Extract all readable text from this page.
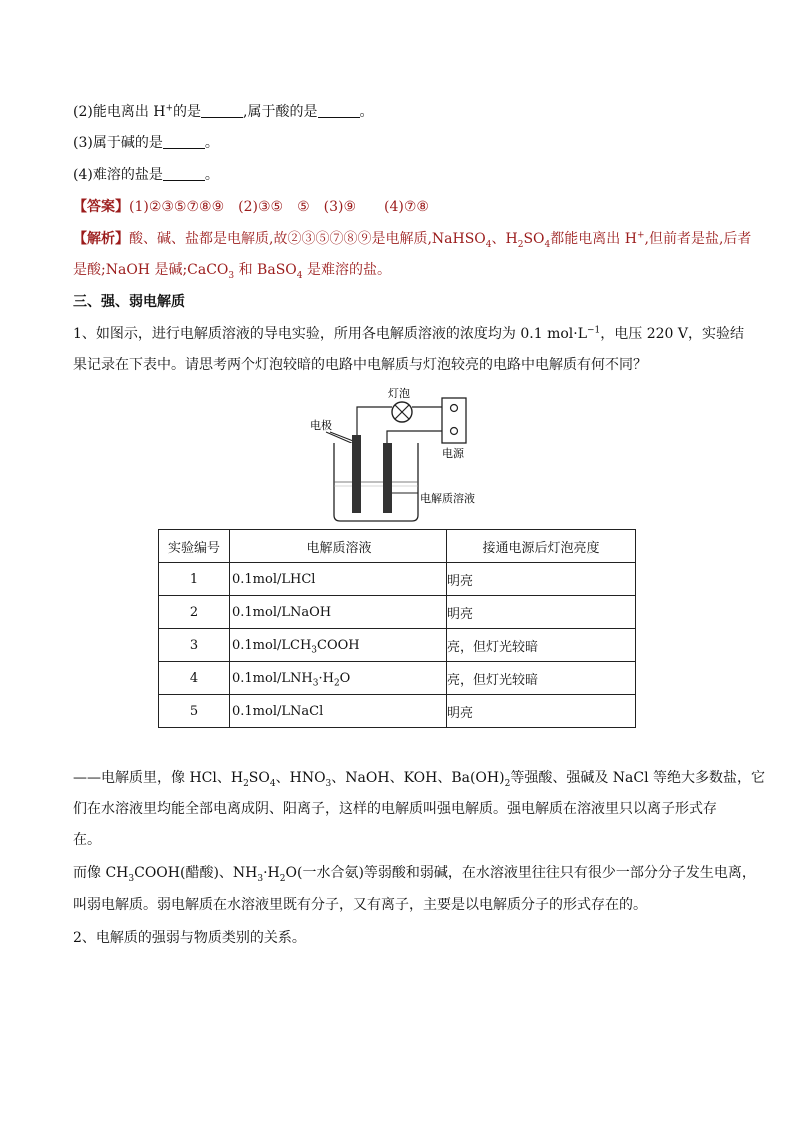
(2)能电离出 H+的是	,属于酸的是	。
(3)属于碱的是	。
(4)难溶的盐是	。
【答案】(1)②③⑤⑦⑧⑨　(2)③⑤　⑤　(3)⑨　　(4)⑦⑧
【解析】酸、碱、盐都是电解质,故②③⑤⑦⑧⑨是电解质,NaHSO$_4$、$H_2SO_4$都能电离出 H+,但前者是盐,后者
是酸;NaOH 是碱;CaCO$_3$ 和 BaSO$_4$ 是难溶的盐。
三、强、弱电解质
1、如图示，进行电解质溶液的导电实验，所用各电解质溶液的浓度均为 0.1 $mol\cdot L^{-1}$，电压 220 V，实验结
果记录在下表中。请思考两个灯泡较暗的电路中电解质与灯泡较亮的电路中电解质有何不同？
灯泡
电源
电极
电解质溶液
实验编号	电解质溶液	接通电源后灯泡亮度
1	0.1mol/LHCl	明亮
2	0.1mol/LNaOH	明亮
3	$0.1mol/LCH_3COOH$	亮，但灯光较暗
4	$0.1mol/LNH_3\cdot H_2O$	亮，但灯光较暗
5	0.1mol/LNaCl	明亮
——电解质里，像 HCl、$H_2SO_4$、$HNO_3$、NaOH、KOH、$Ba(OH)_2$等强酸、强碱及 NaCl 等绝大多数盐，它
们在水溶液里均能全部电离成阴、阳离子，这样的电解质叫强电解质。强电解质在溶液里只以离子形式存
在。
而像 $CH_3COOH$(醋酸)、$NH_3\cdot H_2O$(一水合氨)等弱酸和弱碱，在水溶液里往往只有很少一部分分子发生电离，
叫弱电解质。弱电解质在水溶液里既有分子，又有离子，主要是以电解质分子的形式存在的。
2、电解质的强弱与物质类别的关系。
